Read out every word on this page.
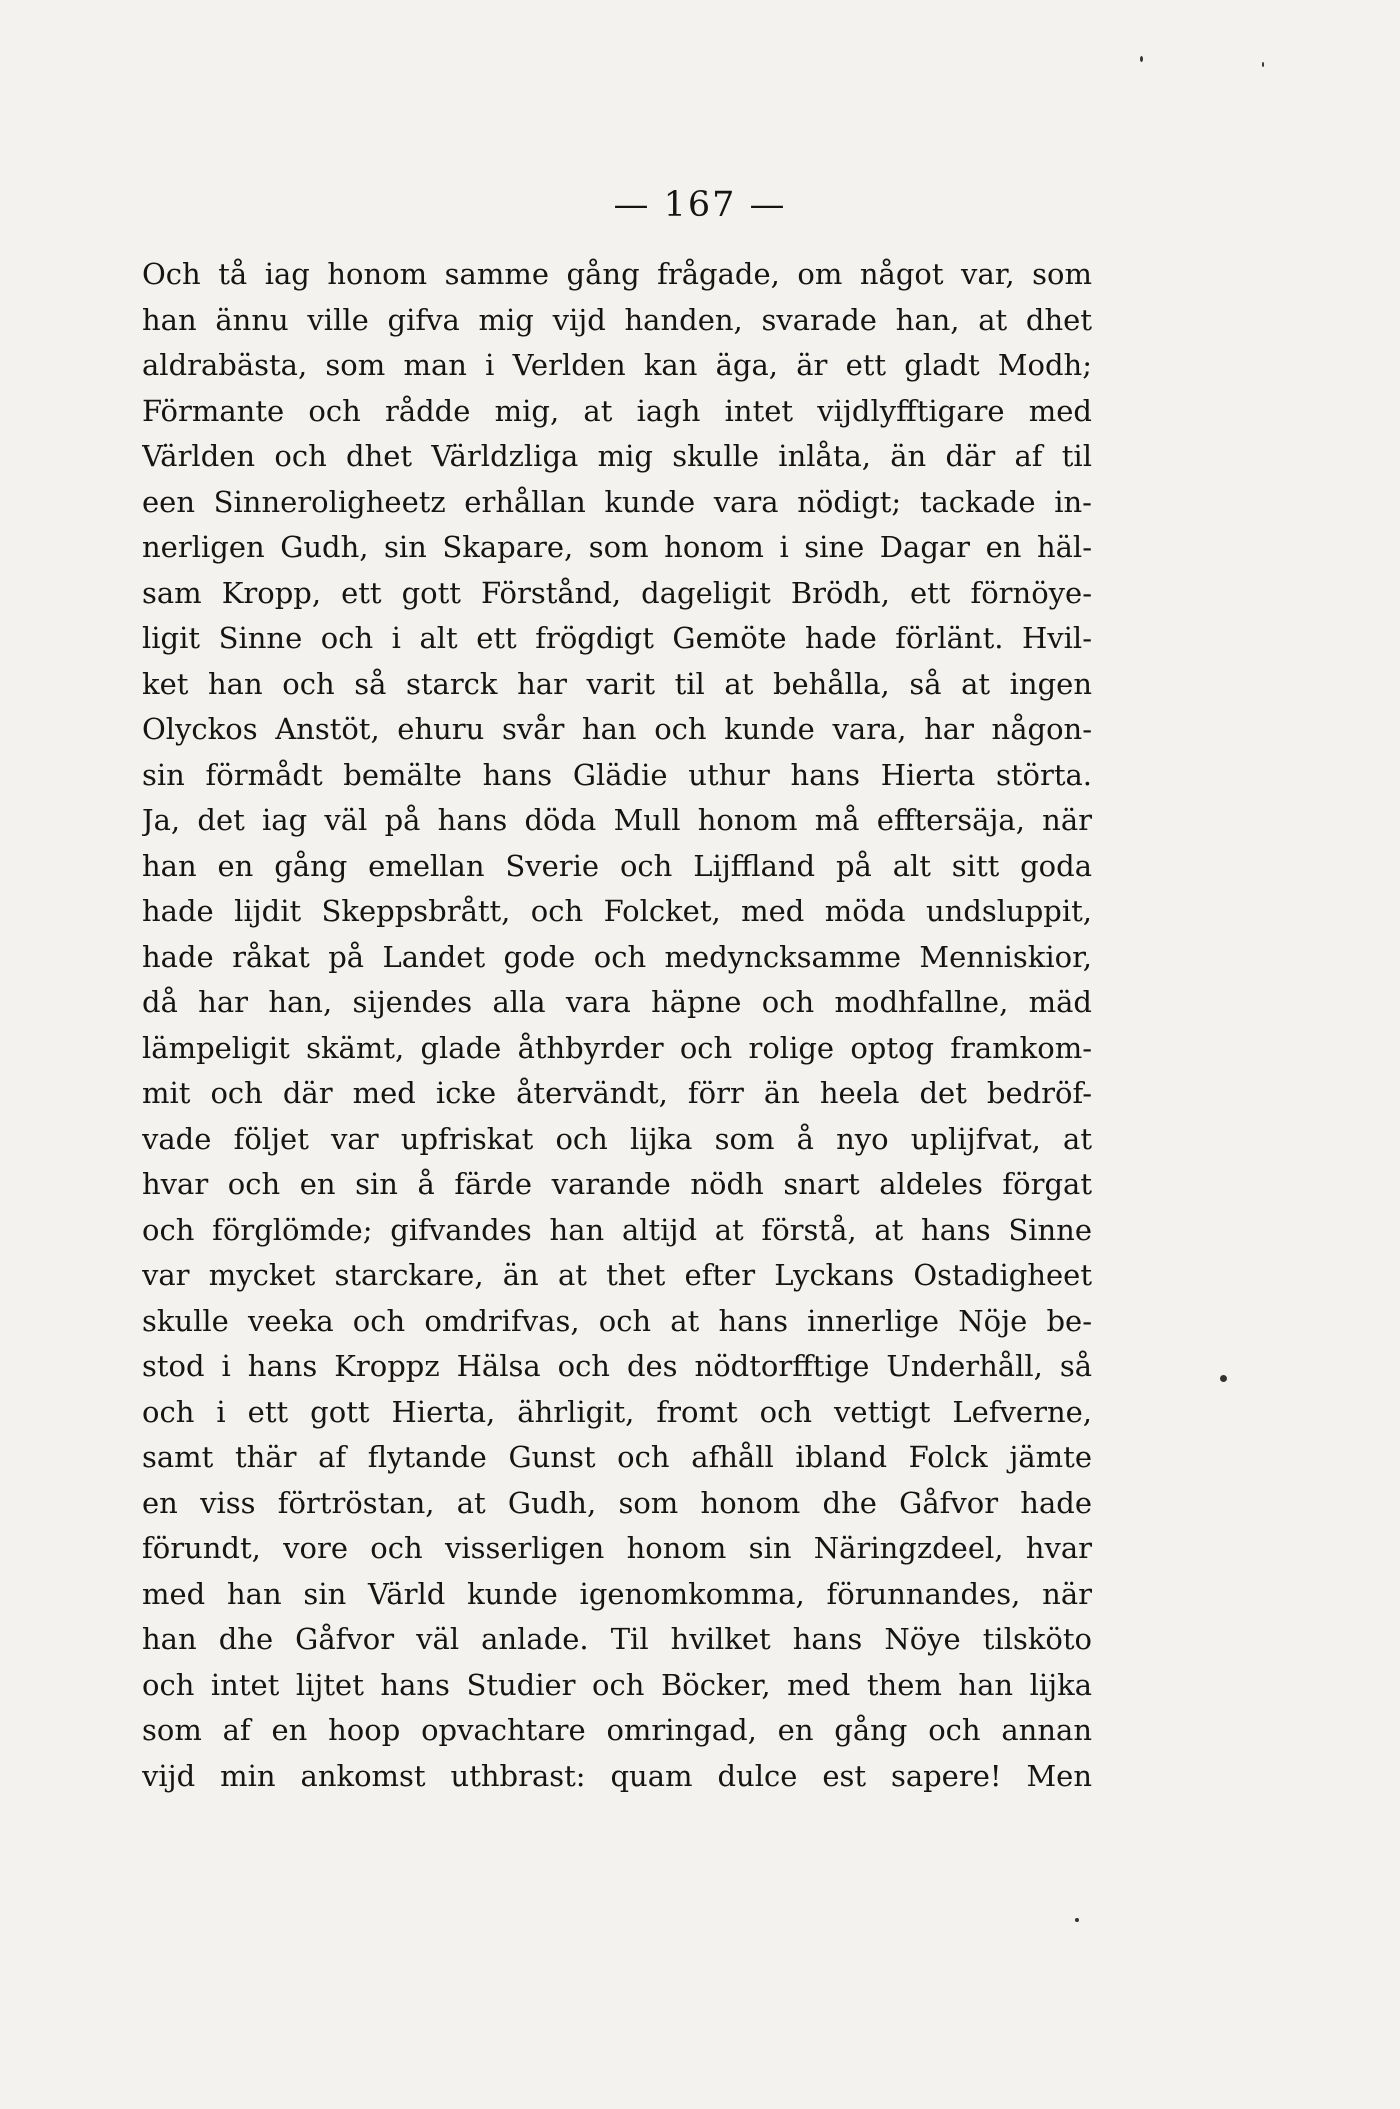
— 167 —
Och tå iag honom samme gång frågade, om något var, som
han ännu ville gifva mig vijd handen, svarade han, at dhet
aldrabästa, som man i Verlden kan äga, är ett gladt Modh;
Förmante och rådde mig, at iagh intet vijdlyfftigare med
Världen och dhet Världzliga mig skulle inlåta, än där af til
een Sinneroligheetz erhållan kunde vara nödigt; tackade in-
nerligen Gudh, sin Skapare, som honom i sine Dagar en häl-
sam Kropp, ett gott Förstånd, dageligit Brödh, ett förnöye-
ligit Sinne och i alt ett frögdigt Gemöte hade förlänt. Hvil-
ket han och så starck har varit til at behålla, så at ingen
Olyckos Anstöt, ehuru svår han och kunde vara, har någon-
sin förmådt bemälte hans Glädie uthur hans Hierta störta.
Ja, det iag väl på hans döda Mull honom må efftersäja, när
han en gång emellan Sverie och Lijffland på alt sitt goda
hade lijdit Skeppsbrått, och Folcket, med möda undsluppit,
hade råkat på Landet gode och medyncksamme Menniskior,
då har han, sijendes alla vara häpne och modhfallne, mäd
lämpeligit skämt, glade åthbyrder och rolige optog framkom-
mit och där med icke återvändt, förr än heela det bedröf-
vade följet var upfriskat och lijka som å nyo uplijfvat, at
hvar och en sin å färde varande nödh snart aldeles förgat
och förglömde; gifvandes han altijd at förstå, at hans Sinne
var mycket starckare, än at thet efter Lyckans Ostadigheet
skulle veeka och omdrifvas, och at hans innerlige Nöje be-
stod i hans Kroppz Hälsa och des nödtorfftige Underhåll, så
och i ett gott Hierta, ährligit, fromt och vettigt Lefverne,
samt thär af flytande Gunst och afhåll ibland Folck jämte
en viss förtröstan, at Gudh, som honom dhe Gåfvor hade
förundt, vore och visserligen honom sin Näringzdeel, hvar
med han sin Värld kunde igenomkomma, förunnandes, när
han dhe Gåfvor väl anlade. Til hvilket hans Nöye tilsköto
och intet lijtet hans Studier och Böcker, med them han lijka
som af en hoop opvachtare omringad, en gång och annan
vijd min ankomst uthbrast: quam dulce est sapere! Men
